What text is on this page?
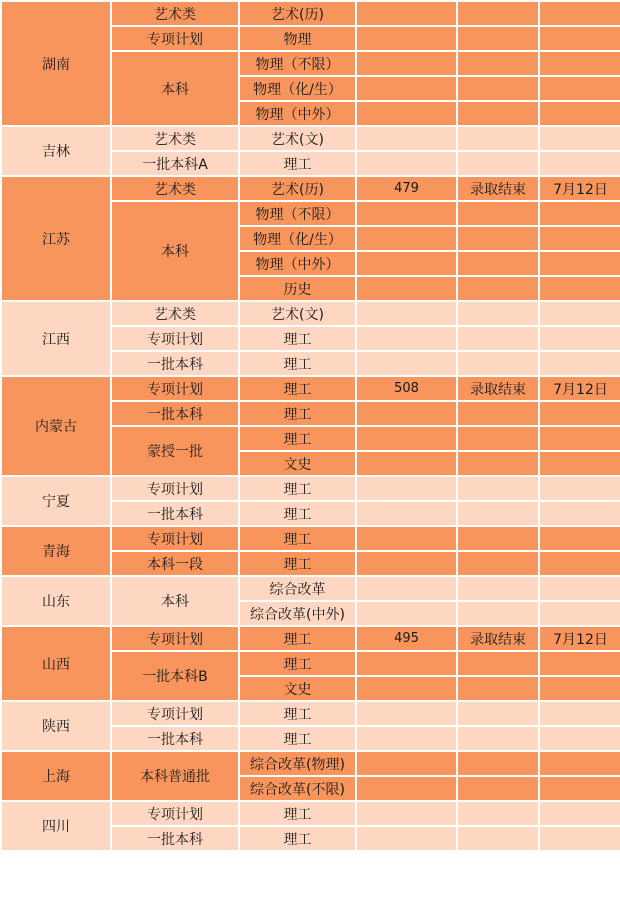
湖南	艺术类	艺术(历)			
	专项计划	物理			
	本科	物理（不限）			
		物理（化/生）			
		物理（中外）			
吉林	艺术类	艺术(文)			
	一批本科A	理工			
江苏	艺术类	艺术(历)	479	录取结束	7月12日
	本科	物理（不限）			
		物理（化/生）			
		物理（中外）			
		历史			
江西	艺术类	艺术(文)			
	专项计划	理工			
	一批本科	理工			
内蒙古	专项计划	理工	508	录取结束	7月12日
	一批本科	理工			
	蒙授一批	理工			
		文史			
宁夏	专项计划	理工			
	一批本科	理工			
青海	专项计划	理工			
	本科一段	理工			
山东	本科	综合改革			
		综合改革(中外)			
山西	专项计划	理工	495	录取结束	7月12日
	一批本科B	理工			
		文史			
陕西	专项计划	理工			
	一批本科	理工			
上海	本科普通批	综合改革(物理)			
		综合改革(不限)			
四川	专项计划	理工			
	一批本科	理工			
